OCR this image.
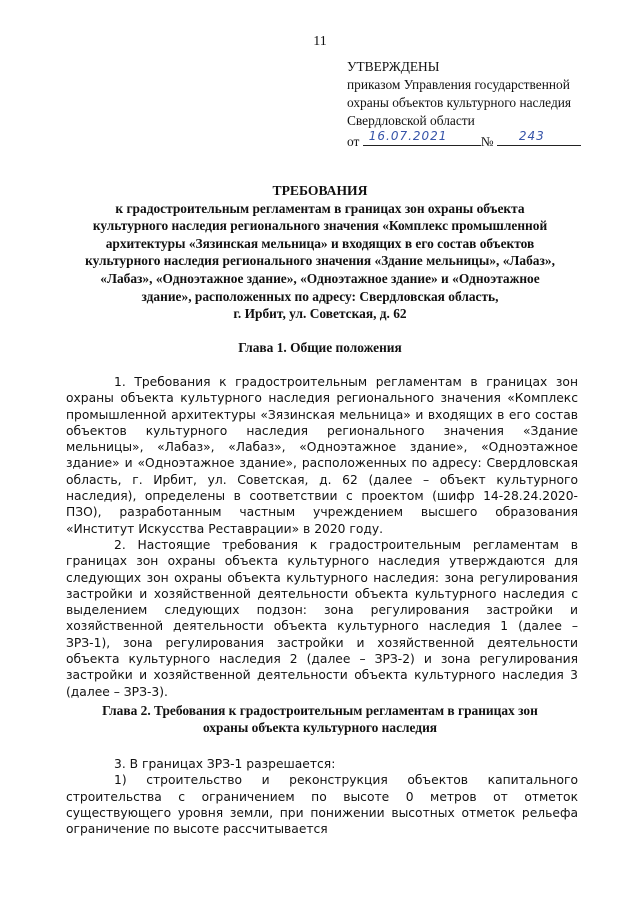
11
УТВЕРЖДЕНЫ
приказом Управления государственной
охраны объектов культурного наследия
Свердловской области
от 16.07.2021 № 243
ТРЕБОВАНИЯ
к градостроительным регламентам в границах зон охраны объекта
культурного наследия регионального значения «Комплекс промышленной
архитектуры «Зязинская мельница» и входящих в его состав объектов
культурного наследия регионального значения «Здание мельницы», «Лабаз»,
«Лабаз», «Одноэтажное здание», «Одноэтажное здание» и «Одноэтажное
здание», расположенных по адресу: Свердловская область,
г. Ирбит, ул. Советская, д. 62
Глава 1. Общие положения

1. Требования к градостроительным регламентам в границах зон охраны объекта культурного наследия регионального значения «Комплекс промышленной архитектуры «Зязинская мельница» и входящих в его состав объектов культурного наследия регионального значения «Здание мельницы», «Лабаз», «Лабаз», «Одноэтажное здание», «Одноэтажное здание» и «Одноэтажное здание», расположенных по адресу: Свердловская область, г. Ирбит, ул. Советская, д. 62 (далее – объект культурного наследия), определены в соответствии с проектом (шифр 14-28.24.2020-ПЗО), разработанным частным учреждением высшего образования «Институт Искусства Реставрации» в 2020 году.

2. Настоящие требования к градостроительным регламентам в границах зон охраны объекта культурного наследия утверждаются для следующих зон охраны объекта культурного наследия: зона регулирования застройки и хозяйственной деятельности объекта культурного наследия с выделением следующих подзон: зона регулирования застройки и хозяйственной деятельности объекта культурного наследия 1 (далее – ЗРЗ-1), зона регулирования застройки и хозяйственной деятельности объекта культурного наследия 2 (далее – ЗРЗ-2) и зона регулирования застройки и хозяйственной деятельности объекта культурного наследия 3 (далее – ЗРЗ-3).

Глава 2. Требования к градостроительным регламентам в границах зон
охраны объекта культурного наследия

3. В границах ЗРЗ-1 разрешается:

1) строительство и реконструкция объектов капитального строительства с ограничением по высоте 0 метров от отметок существующего уровня земли, при понижении высотных отметок рельефа ограничение по высоте рассчитывается
